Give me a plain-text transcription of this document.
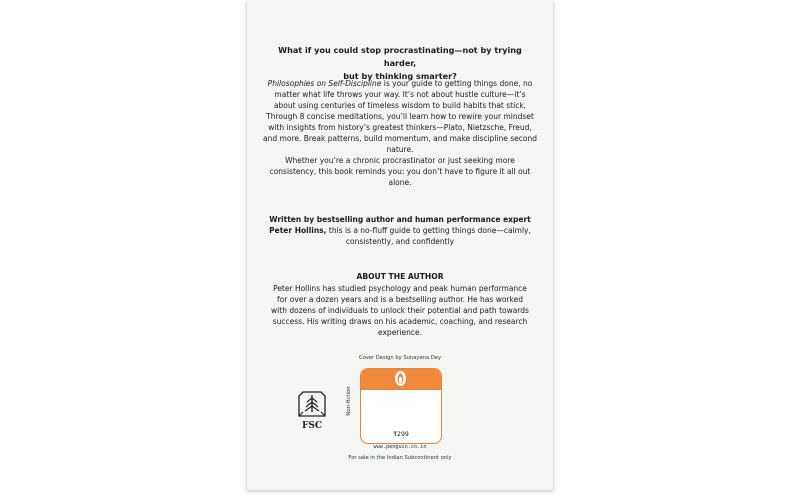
What if you could stop procrastinating—not by trying harder,
but by thinking smarter?

Philosophies on Self-Discipline is your guide to getting things done, no matter what life throws your way. It’s not about hustle culture—it’s about using centuries of timeless wisdom to build habits that stick.

Through 8 concise meditations, you’ll learn how to rewire your mindset with insights from history’s greatest thinkers—Plato, Nietzsche, Freud, and more. Break patterns, build momentum, and make discipline second nature.

Whether you’re a chronic procrastinator or just seeking more consistency, this book reminds you: you don’t have to figure it all out alone.

Written by bestselling author and human performance expert Peter Hollins, this is a no-fluff guide to getting things done—calmly, consistently, and confidently

ABOUT THE AUTHOR

Peter Hollins has studied psychology and peak human performance for over a dozen years and is a bestselling author. He has worked with dozens of individuals to unlock their potential and path towards success. His writing draws on his academic, coaching, and research experience.

Cover Design by Sunayana Dey

FSC
Non-fiction
₹299

www.penguin.co.in

For sale in the Indian Subcontinent only
